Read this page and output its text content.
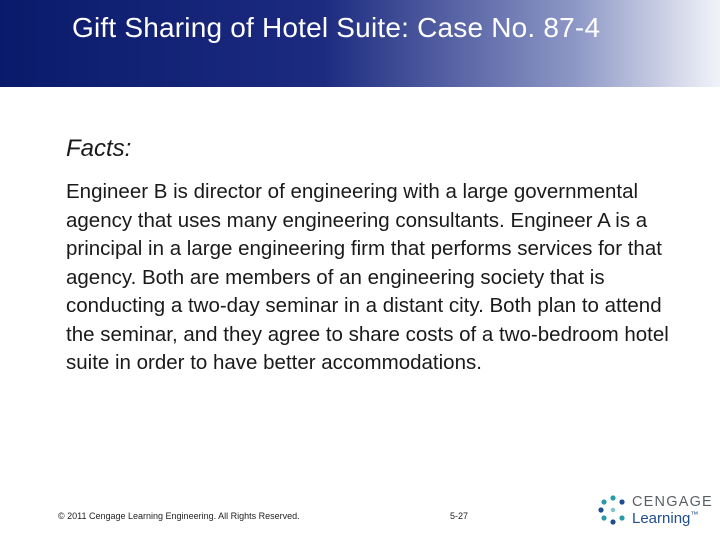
Gift Sharing of Hotel Suite: Case No. 87-4
Facts:
Engineer B is director of engineering with a large governmental agency that uses many engineering consultants. Engineer A is a principal in a large engineering firm that performs services for that agency. Both are members of an engineering society that is conducting a two-day seminar in a distant city. Both plan to attend the seminar, and they agree to share costs of a two-bedroom hotel suite in order to have better accommodations.
© 2011 Cengage Learning Engineering. All Rights Reserved.	5-27
CENGAGE
Learning™
